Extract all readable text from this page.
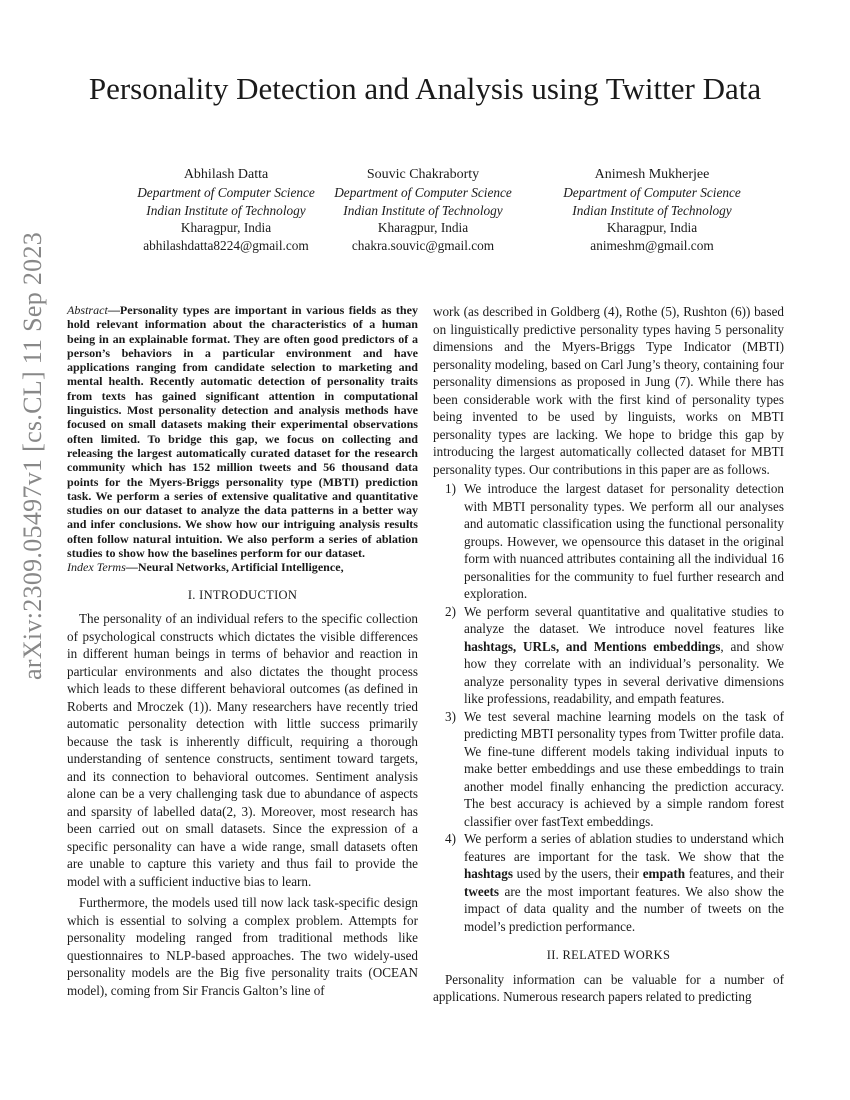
Personality Detection and Analysis using Twitter Data
Abhilash Datta
Department of Computer Science
Indian Institute of Technology
Kharagpur, India
abhilashdatta8224@gmail.com
Souvic Chakraborty
Department of Computer Science
Indian Institute of Technology
Kharagpur, India
chakra.souvic@gmail.com
Animesh Mukherjee
Department of Computer Science
Indian Institute of Technology
Kharagpur, India
animeshm@gmail.com
arXiv:2309.05497v1 [cs.CL] 11 Sep 2023 Abstract—Personality types are important in various fields as they hold relevant information about the characteristics of a human being in an explainable format. They are often good predictors of a person’s behaviors in a particular environment and have applications ranging from candidate selection to marketing and mental health. Recently automatic detection of personality traits from texts has gained significant attention in computational linguistics. Most personality detection and analysis methods have focused on small datasets making their experimental observations often limited. To bridge this gap, we focus on collecting and releasing the largest automatically curated dataset for the research community which has 152 million tweets and 56 thousand data points for the Myers-Briggs personality type (MBTI) prediction task. We perform a series of extensive qualitative and quantitative studies on our dataset to analyze the data patterns in a better way and infer conclusions. We show how our intriguing analysis results often follow natural intuition. We also perform a series of ablation studies to show how the baselines perform for our dataset.

Index Terms—Neural Networks, Artificial Intelligence,

I. INTRODUCTION

The personality of an individual refers to the specific collection of psychological constructs which dictates the visible differences in different human beings in terms of behavior and reaction in particular environments and also dictates the thought process which leads to these different behavioral outcomes (as defined in Roberts and Mroczek (1)). Many researchers have recently tried automatic personality detection with little success primarily because the task is inherently difficult, requiring a thorough understanding of sentence constructs, sentiment toward targets, and its connection to behavioral outcomes. Sentiment analysis alone can be a very challenging task due to abundance of aspects and sparsity of labelled data(2, 3). Moreover, most research has been carried out on small datasets. Since the expression of a specific personality can have a wide range, small datasets often are unable to capture this variety and thus fail to provide the model with a sufficient inductive bias to learn.

Furthermore, the models used till now lack task-specific design which is essential to solving a complex problem. Attempts for personality modeling ranged from traditional methods like questionnaires to NLP-based approaches. The two widely-used personality models are the Big five personality traits (OCEAN model), coming from Sir Francis Galton’s line of

work (as described in Goldberg (4), Rothe (5), Rushton (6)) based on linguistically predictive personality types having 5 personality dimensions and the Myers-Briggs Type Indicator (MBTI) personality modeling, based on Carl Jung’s theory, containing four personality dimensions as proposed in Jung (7). While there has been considerable work with the first kind of personality types being invented to be used by linguists, works on MBTI personality types are lacking. We hope to bridge this gap by introducing the largest automatically collected dataset for MBTI personality types. Our contributions in this paper are as follows.

1) We introduce the largest dataset for personality detection with MBTI personality types. We perform all our analyses and automatic classification using the functional personality groups. However, we opensource this dataset in the original form with nuanced attributes containing all the individual 16 personalities for the community to fuel further research and exploration.
2) We perform several quantitative and qualitative studies to analyze the dataset. We introduce novel features like hashtags, URLs, and Mentions embeddings, and show how they correlate with an individual’s personality. We analyze personality types in several derivative dimensions like professions, readability, and empath features.
3) We test several machine learning models on the task of predicting MBTI personality types from Twitter profile data. We fine-tune different models taking individual inputs to make better embeddings and use these embeddings to train another model finally enhancing the prediction accuracy. The best accuracy is achieved by a simple random forest classifier over fastText embeddings.
4) We perform a series of ablation studies to understand which features are important for the task. We show that the hashtags used by the users, their empath features, and their tweets are the most important features. We also show the impact of data quality and the number of tweets on the model’s prediction performance.
II. RELATED WORKS

Personality information can be valuable for a number of applications. Numerous research papers related to predicting
